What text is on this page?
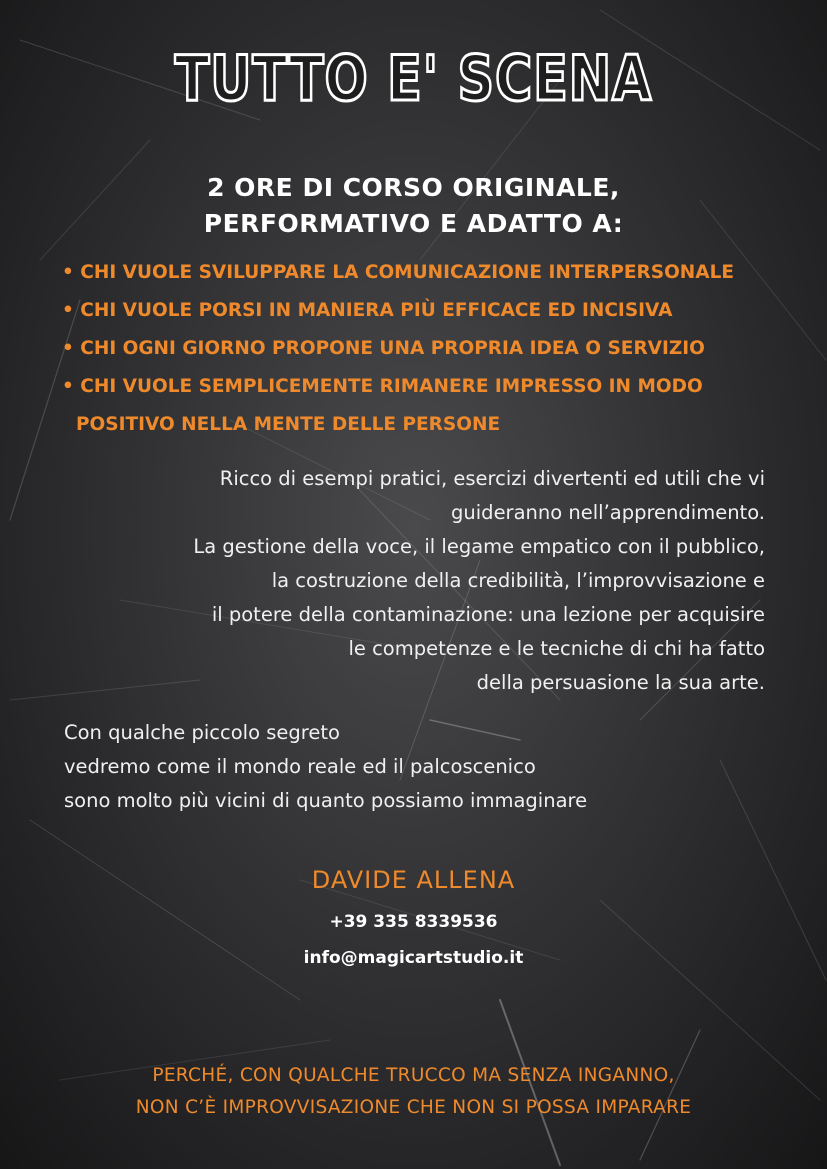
TUTTO E' SCENA
2 ORE DI CORSO ORIGINALE,
PERFORMATIVO E ADATTO A:
• CHI VUOLE SVILUPPARE LA COMUNICAZIONE INTERPERSONALE
• CHI VUOLE PORSI IN MANIERA PIÙ EFFICACE ED INCISIVA
• CHI OGNI GIORNO PROPONE UNA PROPRIA IDEA O SERVIZIO
• CHI VUOLE SEMPLICEMENTE RIMANERE IMPRESSO IN MODO
POSITIVO NELLA MENTE DELLE PERSONE
Ricco di esempi pratici, esercizi divertenti ed utili che vi
guideranno nell’apprendimento.
La gestione della voce, il legame empatico con il pubblico,
la costruzione della credibilità, l’improvvisazione e
il potere della contaminazione: una lezione per acquisire
le competenze e le tecniche di chi ha fatto
della persuasione la sua arte.
Con qualche piccolo segreto
vedremo come il mondo reale ed il palcoscenico
sono molto più vicini di quanto possiamo immaginare
DAVIDE ALLENA
+39 335 8339536
info@magicartstudio.it
PERCHÉ, CON QUALCHE TRUCCO MA SENZA INGANNO,
NON C’È IMPROVVISAZIONE CHE NON SI POSSA IMPARARE
